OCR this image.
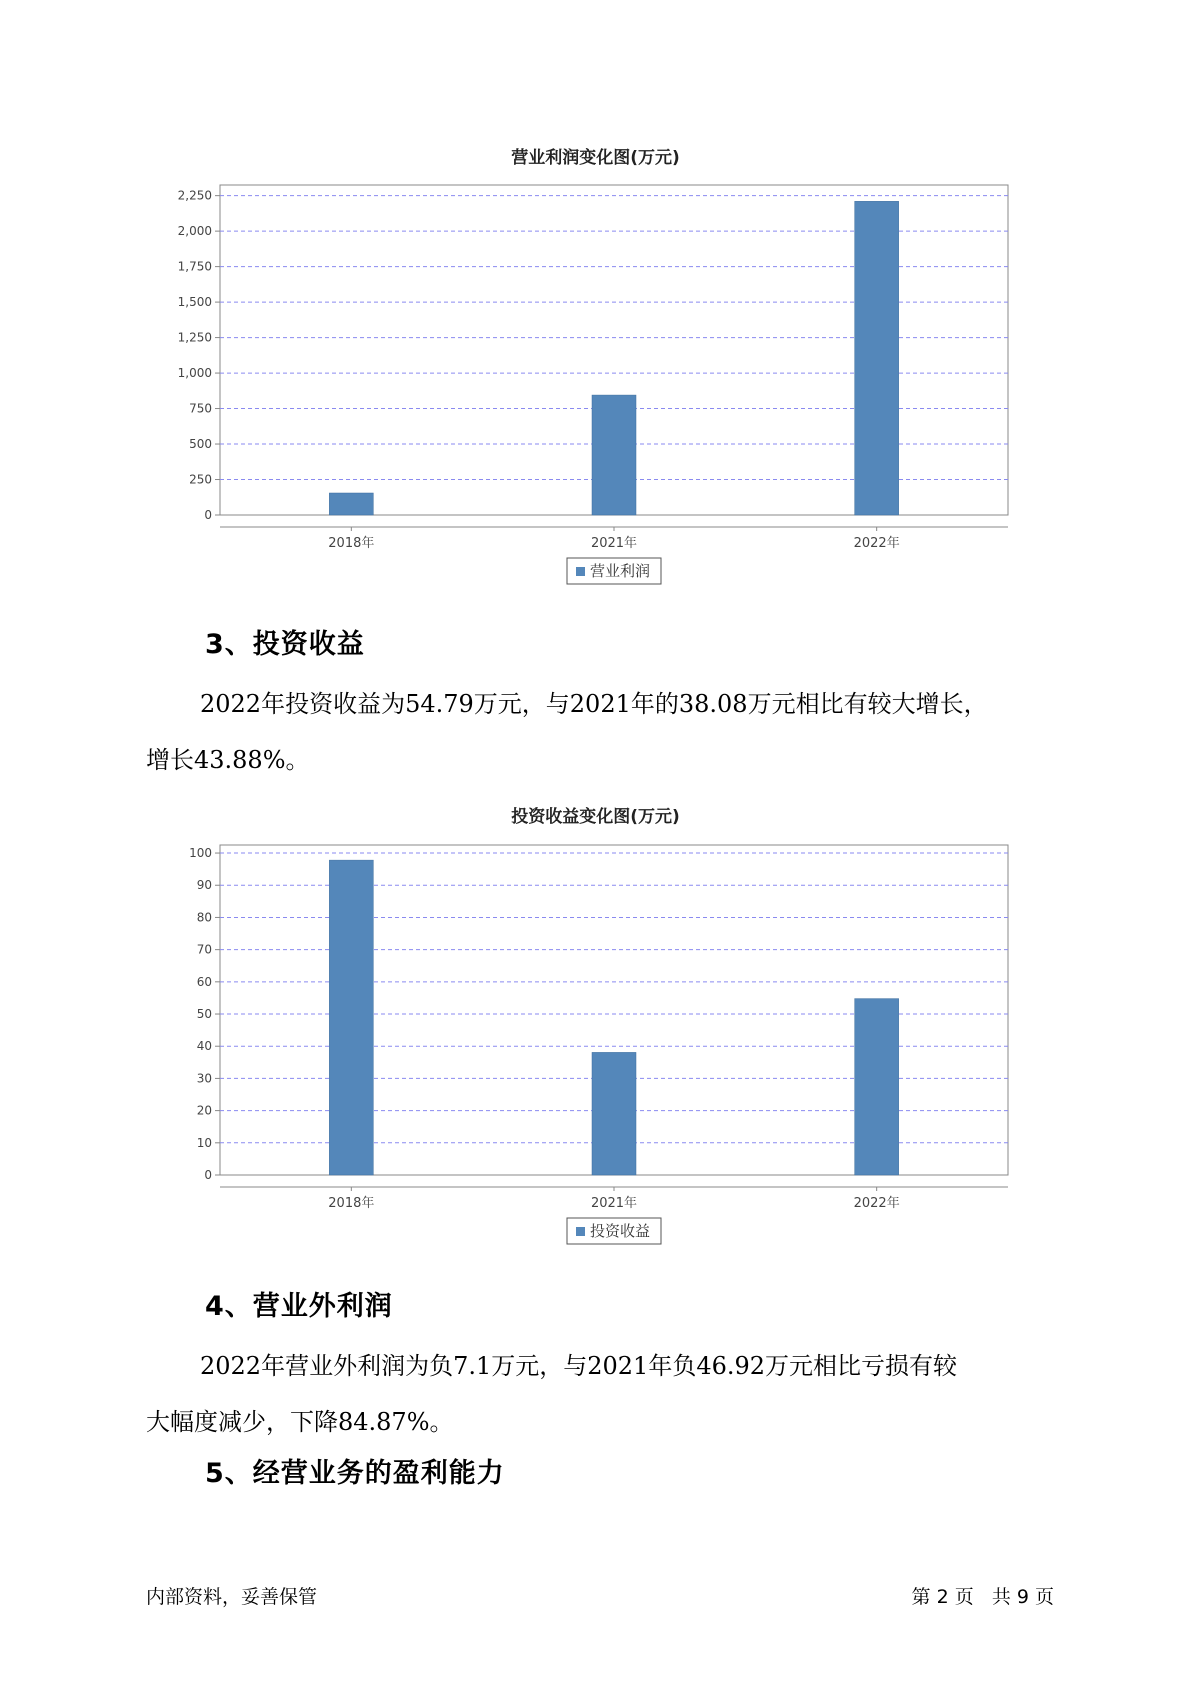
营业利润变化图(万元)
0
250
500
750
1,000
1,250
1,500
1,750
2,000
2,250
2018年	2021年	2022年
营业利润
3、投资收益
2022年投资收益为54.79万元，与2021年的38.08万元相比有较大增长，
增长43.88%。
投资收益变化图(万元)
0
10
20
30
40
50
60
70
80
90
100
2018年	2021年	2022年
投资收益
4、营业外利润
2022年营业外利润为负7.1万元，与2021年负46.92万元相比亏损有较
大幅度减少，下降84.87%。
5、经营业务的盈利能力
内部资料，妥善保管	第 2 页   共 9 页
